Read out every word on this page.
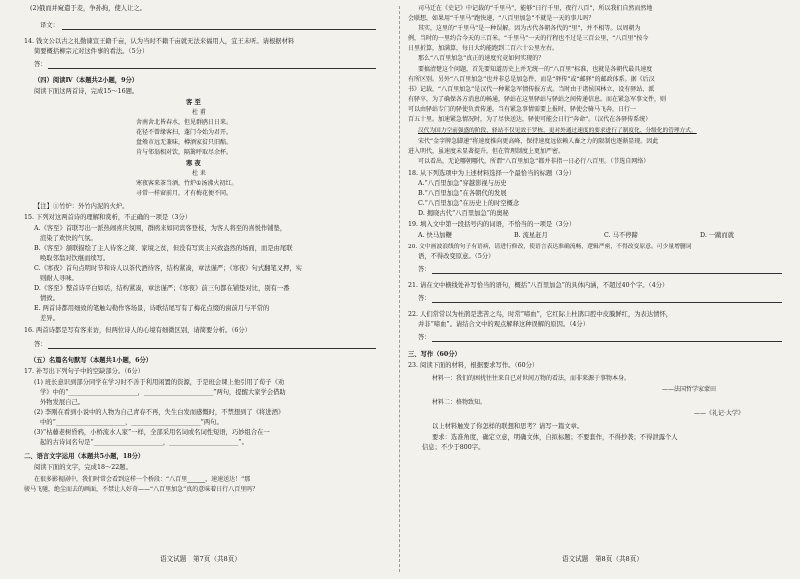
(2)俄而并窥遣于麦，争孙拘，使人让之。
译文：
14. 钱文公以古之礼勤谏宣王籍千亩，认为当时不籍千亩就无法来福用人，宜王未听。请根据材料
简要概括柳宗元对这件事的看法。（5分）
答：
（四）阅读Ⅳ（本题共2小题，9分）
阅读下面这两首诗，完成15～16题。
客 至
杜 甫
舍南舍北皆春水，但见群鸥日日来。
花径不曾缘客扫，蓬门今始为君开。
盘飧市远无兼味，樽酒家贫只旧醅。
肯与邻翁相对饮，隔篱呼取尽余杯。
寒 夜
杜 耒
寒夜客来茶当酒，竹炉①汤沸火初红。
寻常一样窗前月，才有梅花便不同。
【注】①竹炉：外竹内泥的火炉。
15. 下列对这两首诗的理解和赏析，不正确的一项是（3分）
A.《客至》首联写出一派热闹喜庆氛围，群鸥来如同宾客登枝，为客人将至的喜悦作铺垫，
渲染了欢快的气氛。
B.《客至》颔联描绘了主人待客之简、家境之贫，但没有写宾主兴致盎然的场面，而是由尾联
唤取邻翁对饮继而续写。
C.《寒夜》首句点明时节和诗人以茶代酒待客，结构紧凑，章法谨严；《寒夜》句式翻笔叉押，实
则耐人寻味。
D.《客至》整首诗平白如话，结构紧凑，章法谨严；《寒夜》前三句都在铺垫对比，别有一番
情致。
E. 两首诗都用细致的笔触勾勒作客场景，诗歌结尾写有了梅花点缀的窗前月与平常的
差异。
16. 两首诗都是写有客来访，但两位诗人的心境有细微区别，请简要分析。（6分）
答：
（五）名篇名句默写（本题共1小题，6分）
17. 补写出下列句子中的空缺部分。（6分）
(1) 班长意识到部分同学在学习时不善于利用闲置的资源，于是班会课上他引用了荀子《劝
学》中的“______________________，______________________”两句，提醒大家学会借助
外物发展自己。
(2) 李刚在看到小说中的人物为自己青春不再，失生白发而感慨时，不禁想到了《将进酒》
中的“______________________，______________________”两句。
(3)“枯藤老树昏鸦，小桥流水人家”一样，全部采用名词或名词性短语，巧妙组合在一
起的古诗词名句是“______________________，______________________”。
二、语言文字运用（本题共5小题，18分）
阅读下面的文字，完成18～22题。
在很多影视剧中，我们时常会看到这样一个桥段：“八百里______，速速送达！”那
骏马飞驰，绝尘而去的画面，不禁让人好奇——“八百里加急”真的意味着日行八百里吗？
语文试题　第7页（共8页）
司马迁在《史记》中记载的“千里马”，能够“日行千里，夜行八百”，所以我们自然而然地
会联想，如果用“千里马”跑快递，“八百里加急”不就是一天的事儿吗？
其实，这里的“千里马”是一种误解。因为古代各朝各代的“里”，并不相等。以周朝为
例，当时的一里约合今天的三百米。“千里马”一天的行程也不过是三百公里，“八百里”按今
日里折算，加满算，每日大约能跑到二百六十公里左右。
那么“八百里加急”真正的速度究竟如何实现的？
要搞清楚这个问题，首先要知道历史上并无统一的“八百里”标准，也就是各朝代最具速度
有所区别。另外“八百里加急”也并非总是加急件，而是“驿传”或“邮驿”的邮政体系。据《后汉
书》记载，“八百里加急”是汉代一种紧急军情传报方式。当时由于诸侯国林立，设有驿站、派
有驿卒，为了确保各方消息的畅通，驿站在这里驿站与驿站之间传递信息。而在紧急军事文件，则
可以由驿站专门的驿使负责传递。当有紧急事情需要上报时，驿使会骑马飞奔，日行一
百五十里。加速紧急情况时，为了尽快送达，驿使可能会日行“奔命”。（汉代在各驿传系统）
汉代为国力空前强盛的阶段，驿站不仅见效于罗栋，更对外通过速度的要求进行了制度化、分级化的管理方式。
宋代“金字牌急脚递”将速度推向更高峰，保持速度远依赖人畜之力的限制也逐渐显现。因此
进入明代，虽速度未显著提升，但在管理制度上更加严密。
可以看出，无论哪朝哪代，所谓“八百里加急”都并非指一日必行八百里。（节选自网络）
18. 从下列选项中为上述材料选择一个最恰当的标题（3分）
A.“八百里加急”穿越影视与历史
B.“八百里加急”在各朝代的发展
C.“八百里加急”在历史上的时空概念
D. 揭晓古代“八百里加急”的奥秘
19. 填入文中第一段括号内的词语，不恰当的一项是（3分）
A. 快马加鞭	B. 流星赶月	C. 马不停蹄	D. 一蹴而就
20. 文中画波浪线的句子有语病，请进行修改，使语言表达准确流畅，逻辑严密，不得改变原意。可少量增删词
语，不得改变原意。（5分）
答：
21. 请在文中横线处补写恰当的语句，概括“八百里加急”的具体内涵，不超过40个字。（4分）
答：
22. 人们常常以为杜鹃是悲苦之鸟，时常“啼血”，它红际上杜鹃口腔中皮膜鲜红，为表达情怀，
并非“啼血”。请结合文中的观点解释这种误解的原因。（4分）
答：
三、写作（60分）
23. 阅读下面的材料，根据要求写作。（60分）
材料一：我们的困扰往往来自已对世间万物的看法，而非来源于事物本身。
——法国哲学家蒙田
材料二：格物致知。
——《礼记·大学》
以上材料触发了你怎样的联想和思考？请写一篇文章。
要求：选准角度，确定立意，明确文体，自拟标题；不要套作，不得抄袭；不得泄露个人
信息；不少于800字。
语文试题　第8页（共8页）
